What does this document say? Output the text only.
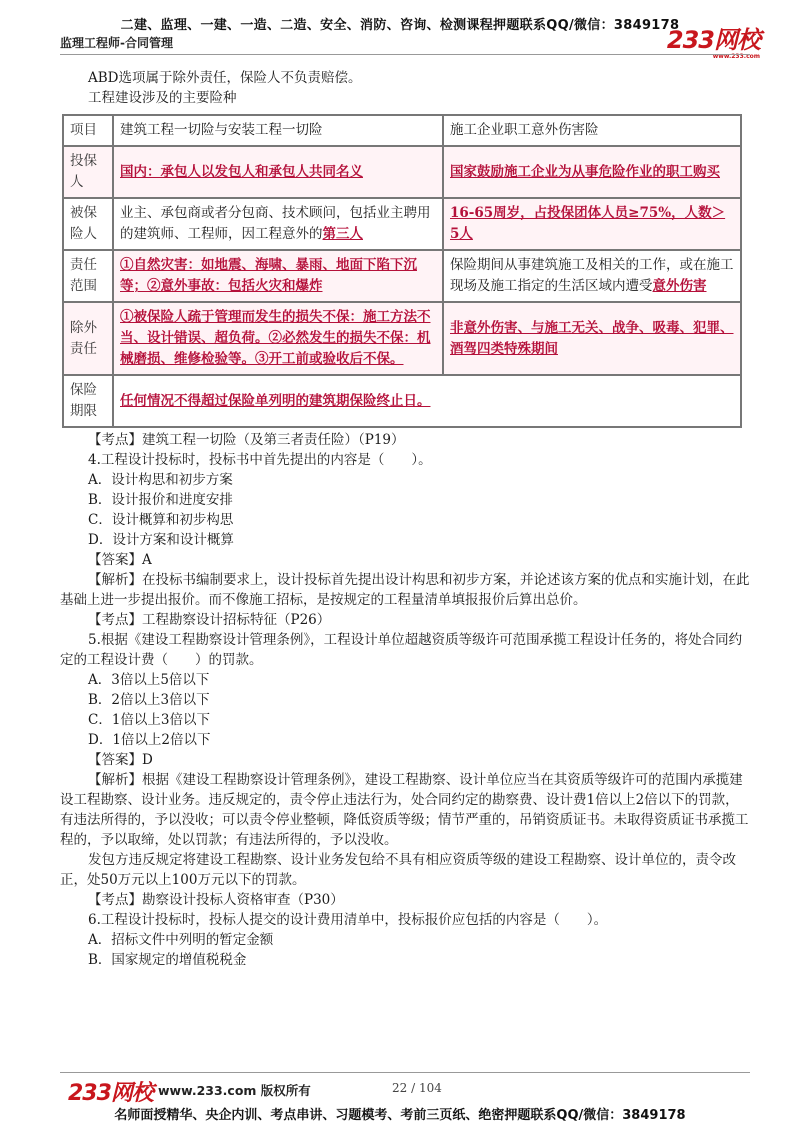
二建、监理、一建、一造、二造、安全、消防、咨询、检测课程押题联系QQ/微信：3849178
监理工程师-合同管理	233网校
www.233.com

ABD选项属于除外责任，保险人不负责赔偿。

工程建设涉及的主要险种

项目	建筑工程一切险与安装工程一切险	施工企业职工意外伤害险
投保人	国内：承包人以发包人和承包人共同名义	国家鼓励施工企业为从事危险作业的职工购买
被保险人	业主、承包商或者分包商、技术顾问，包括业主聘用的建筑师、工程师，因工程意外的第三人	16-65周岁，占投保团体人员≥75%，人数＞5人
责任范围	①自然灾害：如地震、海啸、暴雨、地面下陷下沉等；②意外事故：包括火灾和爆炸	保险期间从事建筑施工及相关的工作，或在施工现场及施工指定的生活区域内遭受意外伤害
除外责任	①被保险人疏于管理而发生的损失不保：施工方法不当、设计错误、超负荷。②必然发生的损失不保：机械磨损、维修检验等。③开工前或验收后不保。	非意外伤害、与施工无关、战争、吸毒、犯罪、酒驾四类特殊期间
保险期限	任何情况不得超过保险单列明的建筑期保险终止日。	

【考点】建筑工程一切险（及第三者责任险）（P19）

4.工程设计投标时，投标书中首先提出的内容是（　　）。

A．设计构思和初步方案

B．设计报价和进度安排

C．设计概算和初步构思

D．设计方案和设计概算

【答案】A

【解析】在投标书编制要求上，设计投标首先提出设计构思和初步方案，并论述该方案的优点和实施计划，在此基础上进一步提出报价。而不像施工招标，是按规定的工程量清单填报报价后算出总价。

【考点】工程勘察设计招标特征（P26）

5.根据《建设工程勘察设计管理条例》，工程设计单位超越资质等级许可范围承揽工程设计任务的，将处合同约定的工程设计费（　　）的罚款。

A．3倍以上5倍以下

B．2倍以上3倍以下

C．1倍以上3倍以下

D．1倍以上2倍以下

【答案】D

【解析】根据《建设工程勘察设计管理条例》，建设工程勘察、设计单位应当在其资质等级许可的范围内承揽建设工程勘察、设计业务。违反规定的，责令停止违法行为，处合同约定的勘察费、设计费1倍以上2倍以下的罚款，有违法所得的，予以没收；可以责令停业整顿，降低资质等级；情节严重的，吊销资质证书。未取得资质证书承揽工程的，予以取缔，处以罚款；有违法所得的，予以没收。

发包方违反规定将建设工程勘察、设计业务发包给不具有相应资质等级的建设工程勘察、设计单位的，责令改正，处50万元以上100万元以下的罚款。

【考点】勘察设计投标人资格审查（P30）

6.工程设计投标时，投标人提交的设计费用清单中，投标报价应包括的内容是（　　）。

A．招标文件中列明的暂定金额

B．国家规定的增值税税金

233网校 www.233.com 版权所有	22 / 104
名师面授精华、央企内训、考点串讲、习题模考、考前三页纸、绝密押题联系QQ/微信：3849178
